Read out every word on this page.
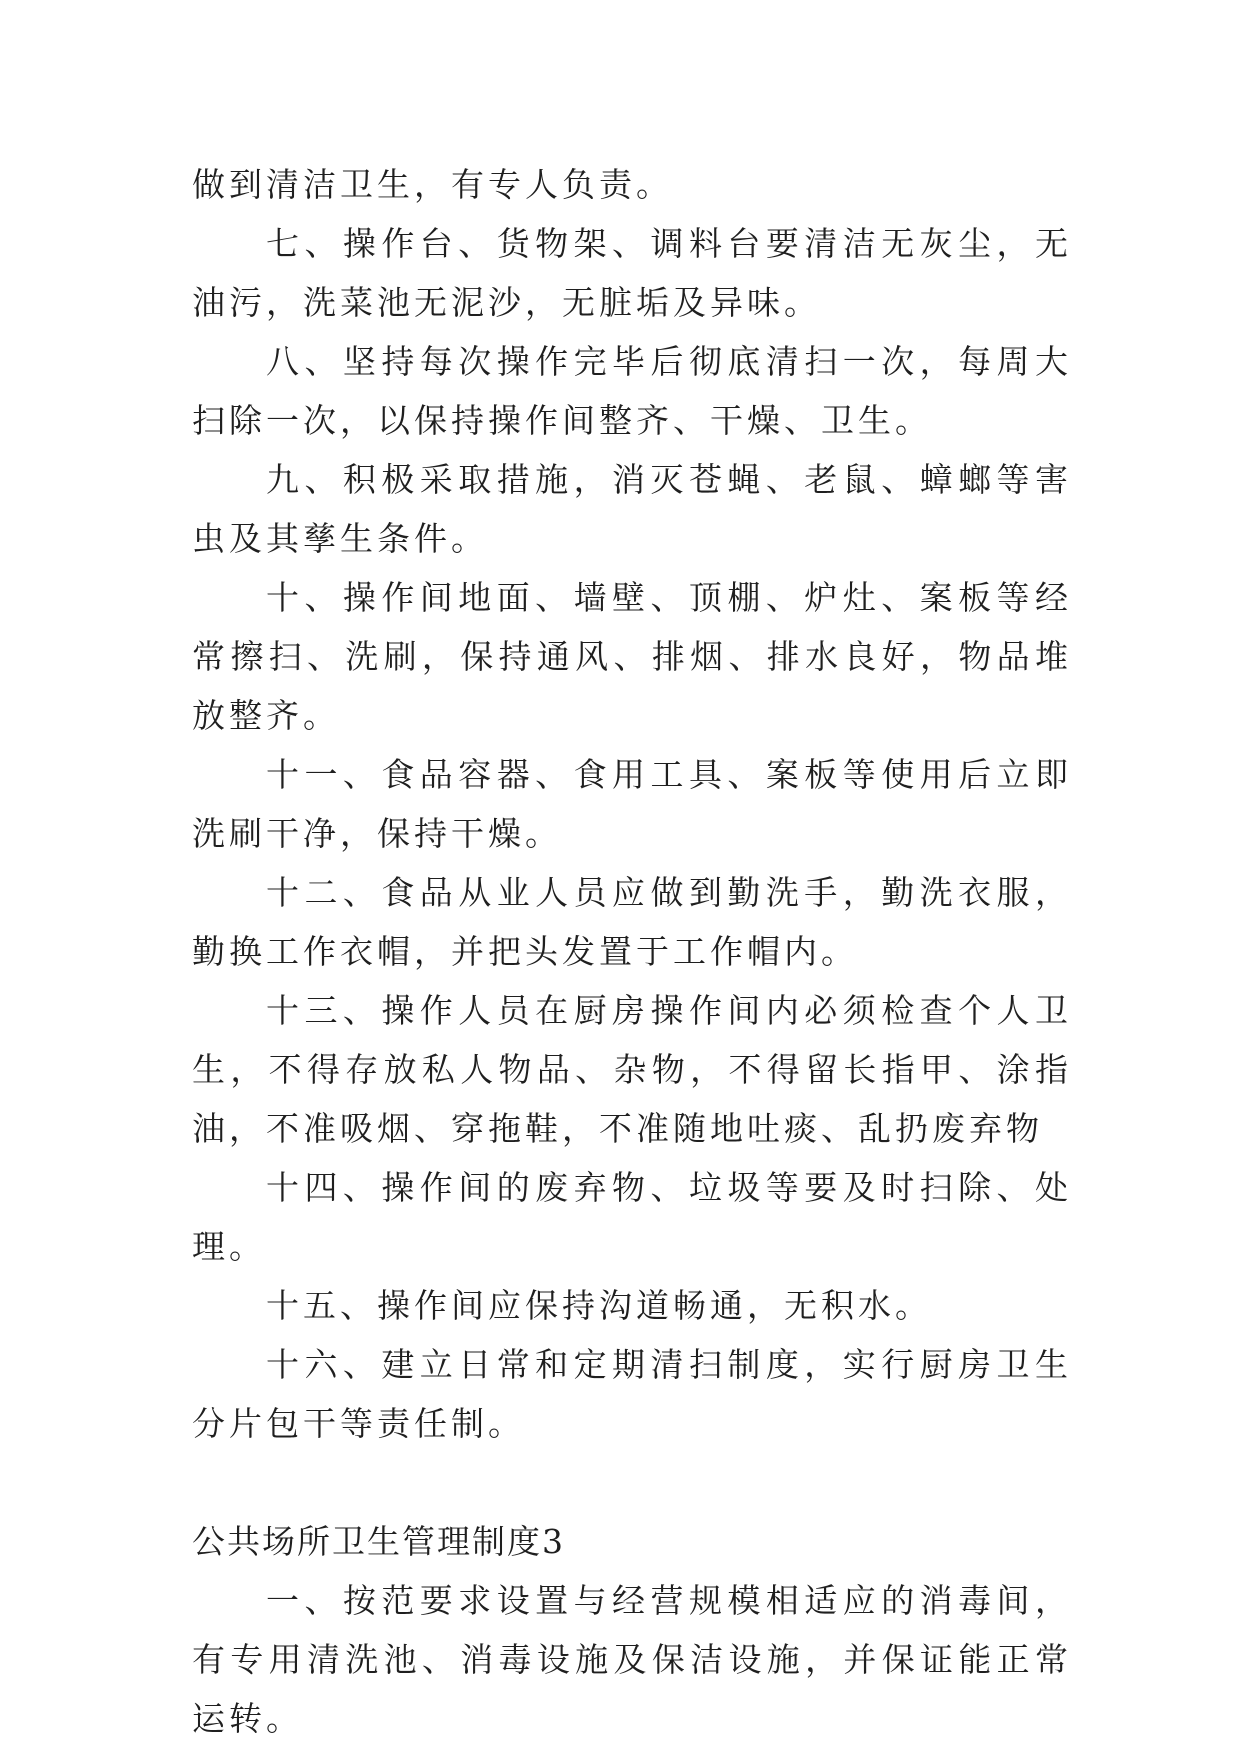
做到清洁卫生，有专人负责。

七、操作台、货物架、调料台要清洁无灰尘，无油污，洗菜池无泥沙，无脏垢及异味。

八、坚持每次操作完毕后彻底清扫一次，每周大扫除一次，以保持操作间整齐、干燥、卫生。

九、积极采取措施，消灭苍蝇、老鼠、蟑螂等害虫及其孳生条件。

十、操作间地面、墙壁、顶棚、炉灶、案板等经常擦扫、洗刷，保持通风、排烟、排水良好，物品堆放整齐。

十一、食品容器、食用工具、案板等使用后立即洗刷干净，保持干燥。

十二、食品从业人员应做到勤洗手，勤洗衣服，勤换工作衣帽，并把头发置于工作帽内。

十三、操作人员在厨房操作间内必须检查个人卫生，不得存放私人物品、杂物，不得留长指甲、涂指油，不准吸烟、穿拖鞋，不准随地吐痰、乱扔废弃物

十四、操作间的废弃物、垃圾等要及时扫除、处理。

十五、操作间应保持沟道畅通，无积水。

十六、建立日常和定期清扫制度，实行厨房卫生分片包干等责任制。

公共场所卫生管理制度3

一、按范要求设置与经营规模相适应的消毒间，有专用清洗池、消毒设施及保洁设施，并保证能正常运转。
